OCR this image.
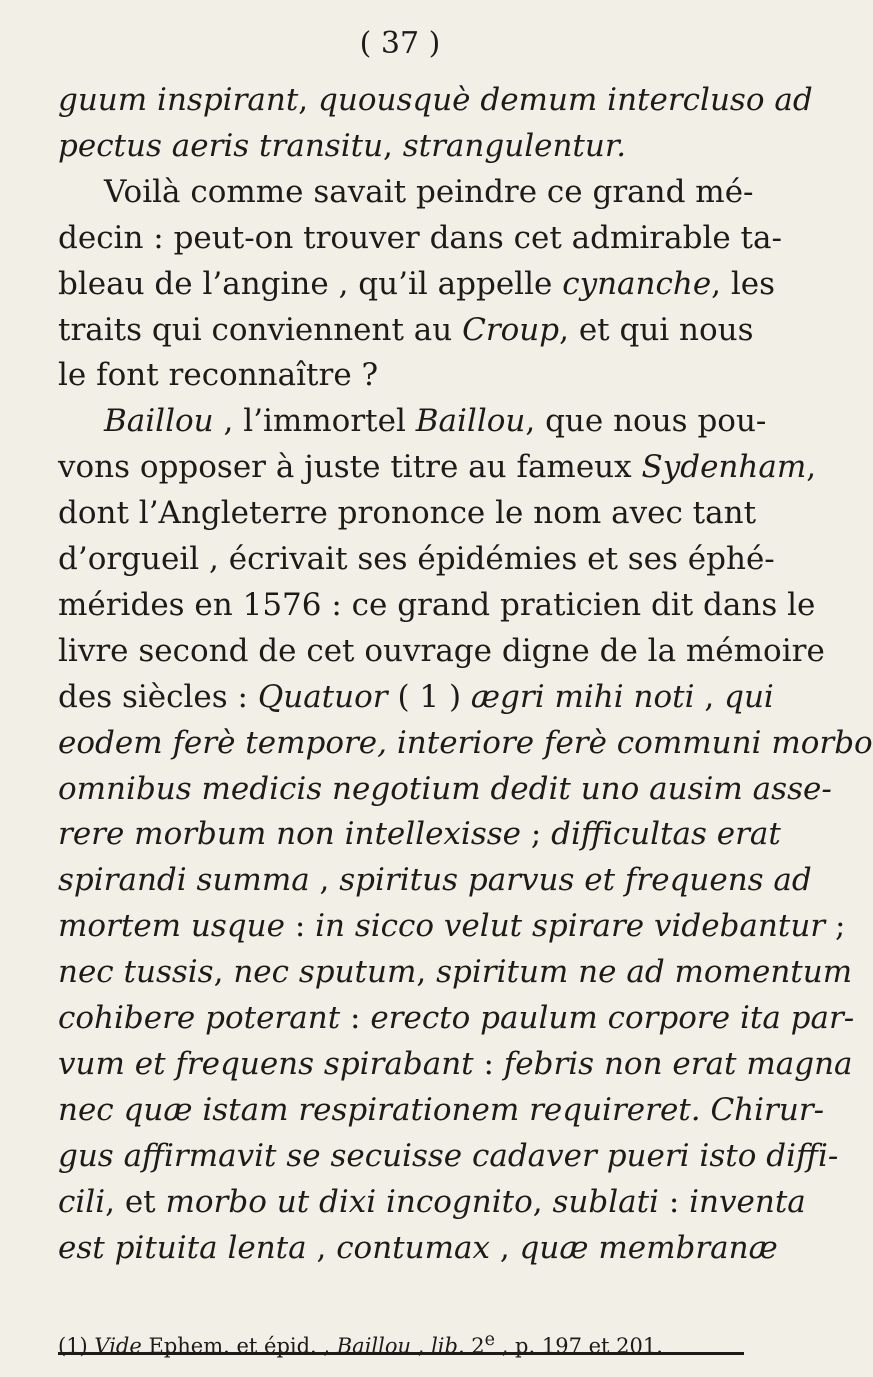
( 37 )
guum inspirant, quousquè demum intercluso ad
pectus aeris transitu, strangulentur.
Voilà comme savait peindre ce grand mé-
decin : peut-on trouver dans cet admirable ta-
bleau de l’angine , qu’il appelle cynanche, les
traits qui conviennent au Croup, et qui nous
le font reconnaître ?
Baillou , l’immortel Baillou, que nous pou-
vons opposer à juste titre au fameux Sydenham,
dont l’Angleterre prononce le nom avec tant
d’orgueil , écrivait ses épidémies et ses éphé-
mérides en 1576 : ce grand praticien dit dans le
livre second de cet ouvrage digne de la mémoire
des siècles : Quatuor ( 1 ) ægri mihi noti , qui
eodem ferè tempore, interiore ferè communi morbo
omnibus medicis negotium dedit uno ausim asse-
rere morbum non intellexisse ; difficultas erat
spirandi summa , spiritus parvus et frequens ad
mortem usque : in sicco velut spirare videbantur ;
nec tussis, nec sputum, spiritum ne ad momentum
cohibere poterant : erecto paulum corpore ita par-
vum et frequens spirabant : febris non erat magna
nec quæ istam respirationem requireret. Chirur-
gus affirmavit se secuisse cadaver pueri isto diffi-
cili, et morbo ut dixi incognito, sublati : inventa
est pituita lenta , contumax , quæ membranæ
(1) Vide Ephem. et épid. , Baillou , lib. 2e , p. 197 et 201.
